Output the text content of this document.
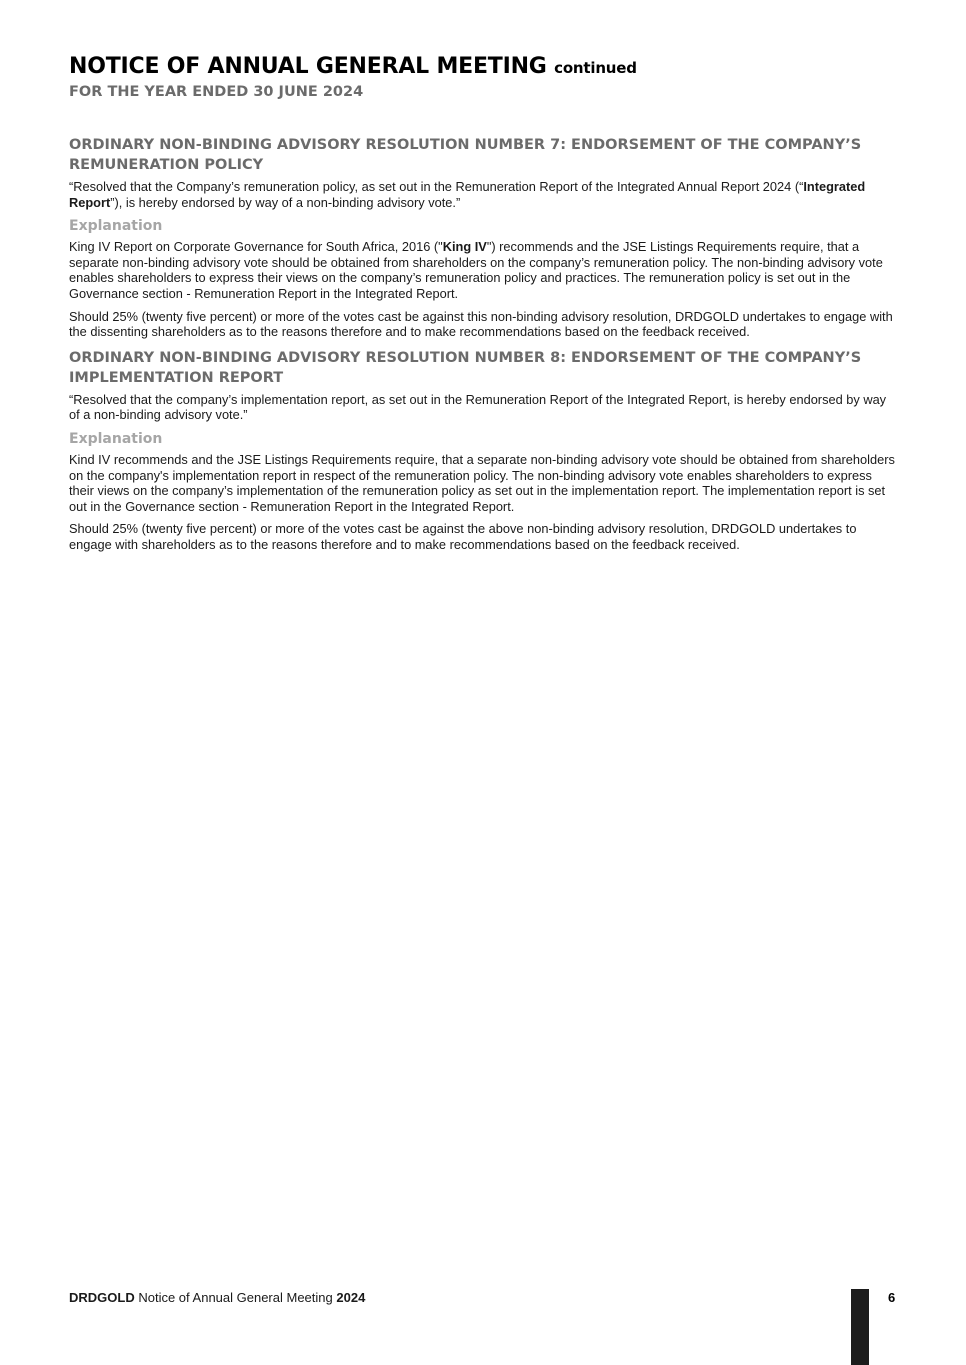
NOTICE OF ANNUAL GENERAL MEETING continued
FOR THE YEAR ENDED 30 JUNE 2024
ORDINARY NON-BINDING ADVISORY RESOLUTION NUMBER 7: ENDORSEMENT OF THE COMPANY’S REMUNERATION POLICY

“Resolved that the Company’s remuneration policy, as set out in the Remuneration Report of the Integrated Annual Report 2024 (“Integrated Report”), is hereby endorsed by way of a non-binding advisory vote.”

Explanation

King IV Report on Corporate Governance for South Africa, 2016 ("King IV") recommends and the JSE Listings Requirements require, that a separate non-binding advisory vote should be obtained from shareholders on the company’s remuneration policy. The non-binding advisory vote enables shareholders to express their views on the company’s remuneration policy and practices. The remuneration policy is set out in the Governance section - Remuneration Report in the Integrated Report.

Should 25% (twenty five percent) or more of the votes cast be against this non-binding advisory resolution, DRDGOLD undertakes to engage with the dissenting shareholders as to the reasons therefore and to make recommendations based on the feedback received.

ORDINARY NON-BINDING ADVISORY RESOLUTION NUMBER 8: ENDORSEMENT OF THE COMPANY’S IMPLEMENTATION REPORT

“Resolved that the company’s implementation report, as set out in the Remuneration Report of the Integrated Report, is hereby endorsed by way of a non-binding advisory vote.”

Explanation

Kind IV recommends and the JSE Listings Requirements require, that a separate non-binding advisory vote should be obtained from shareholders on the company's implementation report in respect of the remuneration policy. The non-binding advisory vote enables shareholders to express their views on the company’s implementation of the remuneration policy as set out in the implementation report. The implementation report is set out in the Governance section - Remuneration Report in the Integrated Report.

Should 25% (twenty five percent) or more of the votes cast be against the above non-binding advisory resolution, DRDGOLD undertakes to engage with shareholders as to the reasons therefore and to make recommendations based on the feedback received.

DRDGOLD Notice of Annual General Meeting 2024	6
